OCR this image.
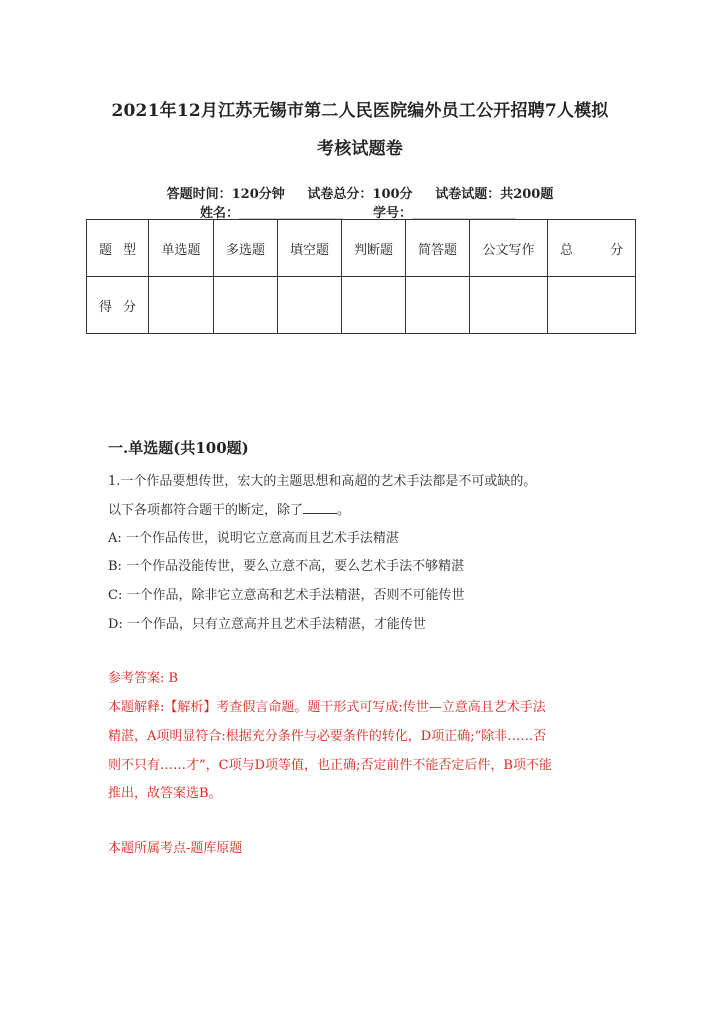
2021年12月江苏无锡市第二人民医院编外员工公开招聘7人模拟
考核试题卷
答题时间：120分钟 试卷总分：100分 试卷试题：共200题
姓名：________________ 学号：________________
题 型	单选题	多选题	填空题	判断题	简答题	公文写作	总 分

得 分							

一.单选题(共100题)
1.一个作品要想传世，宏大的主题思想和高超的艺术手法都是不可或缺的。
以下各项都符合题干的断定，除了	。
A: 一个作品传世，说明它立意高而且艺术手法精湛
B: 一个作品没能传世，要么立意不高，要么艺术手法不够精湛
C: 一个作品，除非它立意高和艺术手法精湛，否则不可能传世
D: 一个作品，只有立意高并且艺术手法精湛，才能传世
参考答案: B
本题解释:【解析】考查假言命题。题干形式可写成:传世—立意高且艺术手法
精湛，A项明显符合:根据充分条件与必要条件的转化，D项正确;“除非……否
则不只有……才”，C项与D项等值，也正确;否定前件不能否定后件，B项不能
推出，故答案选B。
本题所属考点-题库原题
